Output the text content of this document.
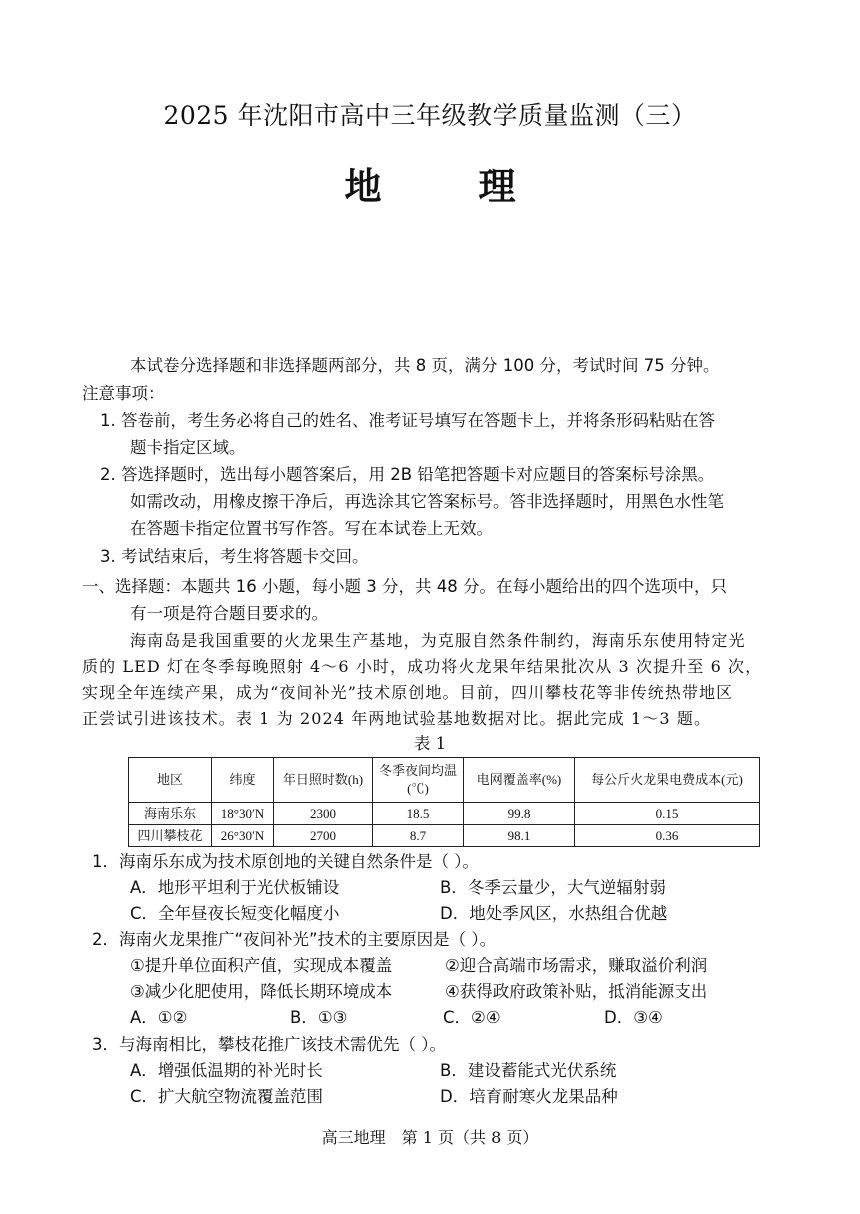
2025 年沈阳市高中三年级教学质量监测（三）
地　理
本试卷分选择题和非选择题两部分，共 8 页，满分 100 分，考试时间 75 分钟。
注意事项：
1. 答卷前，考生务必将自己的姓名、准考证号填写在答题卡上，并将条形码粘贴在答
题卡指定区域。
2. 答选择题时，选出每小题答案后，用 2B 铅笔把答题卡对应题目的答案标号涂黑。
如需改动，用橡皮擦干净后，再选涂其它答案标号。答非选择题时，用黑色水性笔
在答题卡指定位置书写作答。写在本试卷上无效。
3. 考试结束后，考生将答题卡交回。
一、选择题：本题共 16 小题，每小题 3 分，共 48 分。在每小题给出的四个选项中，只
有一项是符合题目要求的。
海南岛是我国重要的火龙果生产基地，为克服自然条件制约，海南乐东使用特定光
质的 LED 灯在冬季每晚照射 4～6 小时，成功将火龙果年结果批次从 3 次提升至 6 次，
实现全年连续产果，成为“夜间补光”技术原创地。目前，四川攀枝花等非传统热带地区
正尝试引进该技术。表 1 为 2024 年两地试验基地数据对比。据此完成 1～3 题。
表 1
地区	纬度	年日照时数(h)	冬季夜间均温(℃)	电网覆盖率(%)	每公斤火龙果电费成本(元)
海南乐东	18°30′N	2300	18.5	99.8	0.15
四川攀枝花	26°30′N	2700	8.7	98.1	0.36
1．海南乐东成为技术原创地的关键自然条件是（ ）。
A．地形平坦利于光伏板铺设	B．冬季云量少，大气逆辐射弱
C．全年昼夜长短变化幅度小	D．地处季风区，水热组合优越
2．海南火龙果推广“夜间补光”技术的主要原因是（ ）。
①提升单位面积产值，实现成本覆盖	②迎合高端市场需求，赚取溢价利润
③减少化肥使用，降低长期环境成本	④获得政府政策补贴，抵消能源支出
A．①②	B．①③	C．②④	D．③④
3．与海南相比，攀枝花推广该技术需优先（ ）。
A．增强低温期的补光时长	B．建设蓄能式光伏系统
C．扩大航空物流覆盖范围	D．培育耐寒火龙果品种
高三地理　第 1 页（共 8 页）
